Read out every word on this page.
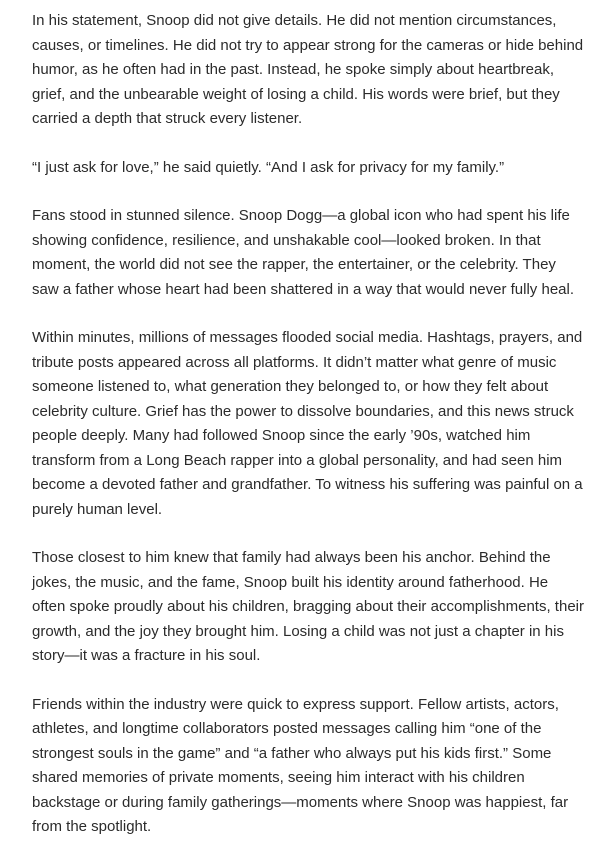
In his statement, Snoop did not give details. He did not mention circumstances, causes, or timelines. He did not try to appear strong for the cameras or hide behind humor, as he often had in the past. Instead, he spoke simply about heartbreak, grief, and the unbearable weight of losing a child. His words were brief, but they carried a depth that struck every listener.

“I just ask for love,” he said quietly. “And I ask for privacy for my family.”

Fans stood in stunned silence. Snoop Dogg—a global icon who had spent his life showing confidence, resilience, and unshakable cool—looked broken. In that moment, the world did not see the rapper, the entertainer, or the celebrity. They saw a father whose heart had been shattered in a way that would never fully heal.

Within minutes, millions of messages flooded social media. Hashtags, prayers, and tribute posts appeared across all platforms. It didn’t matter what genre of music someone listened to, what generation they belonged to, or how they felt about celebrity culture. Grief has the power to dissolve boundaries, and this news struck people deeply. Many had followed Snoop since the early ’90s, watched him transform from a Long Beach rapper into a global personality, and had seen him become a devoted father and grandfather. To witness his suffering was painful on a purely human level.

Those closest to him knew that family had always been his anchor. Behind the jokes, the music, and the fame, Snoop built his identity around fatherhood. He often spoke proudly about his children, bragging about their accomplishments, their growth, and the joy they brought him. Losing a child was not just a chapter in his story—it was a fracture in his soul.

Friends within the industry were quick to express support. Fellow artists, actors, athletes, and longtime collaborators posted messages calling him “one of the strongest souls in the game” and “a father who always put his kids first.” Some shared memories of private moments, seeing him interact with his children backstage or during family gatherings—moments where Snoop was happiest, far from the spotlight.
